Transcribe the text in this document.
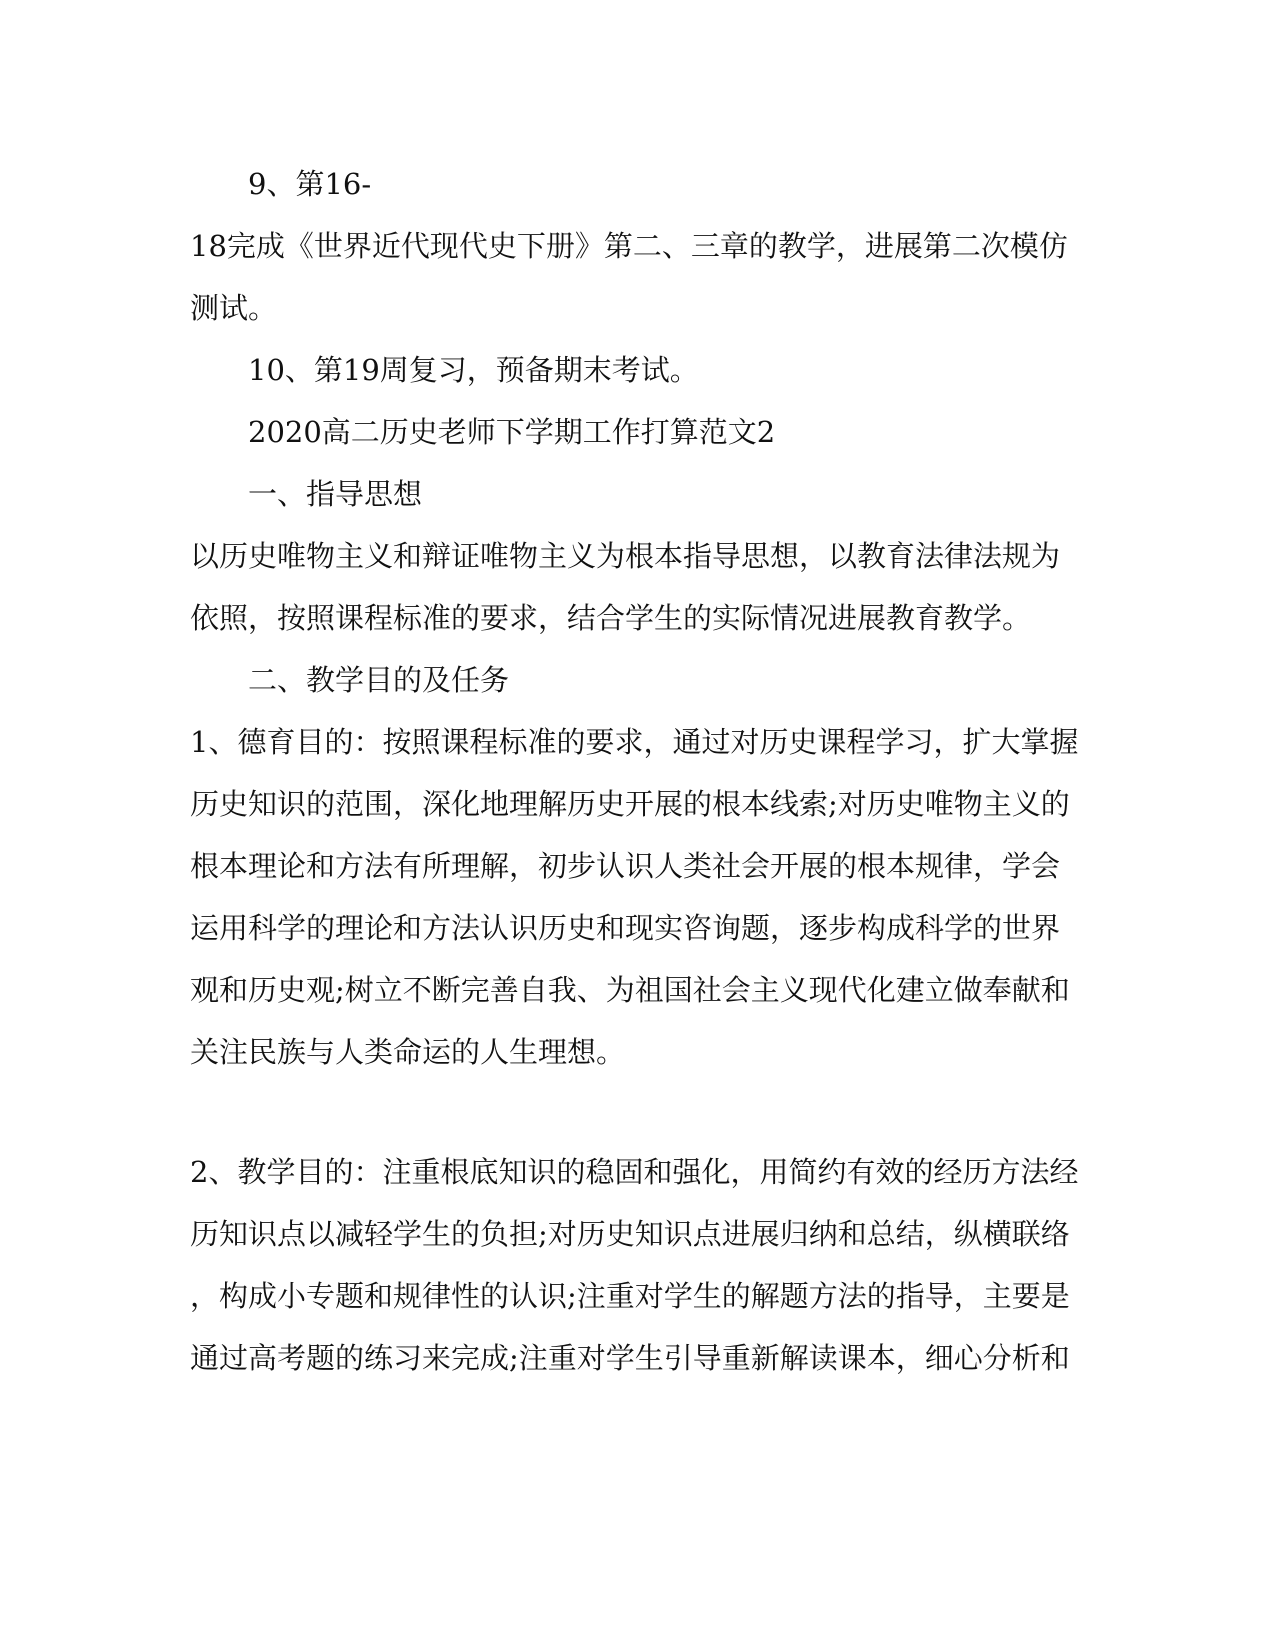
9、第16-
18完成《世界近代现代史下册》第二、三章的教学，进展第二次模仿
测试。
10、第19周复习，预备期末考试。
2020高二历史老师下学期工作打算范文2
一、指导思想
以历史唯物主义和辩证唯物主义为根本指导思想，以教育法律法规为
依照，按照课程标准的要求，结合学生的实际情况进展教育教学。
二、教学目的及任务
1、德育目的：按照课程标准的要求，通过对历史课程学习，扩大掌握
历史知识的范围，深化地理解历史开展的根本线索;对历史唯物主义的
根本理论和方法有所理解，初步认识人类社会开展的根本规律，学会
运用科学的理论和方法认识历史和现实咨询题，逐步构成科学的世界
观和历史观;树立不断完善自我、为祖国社会主义现代化建立做奉献和
关注民族与人类命运的人生理想。
2、教学目的：注重根底知识的稳固和强化，用简约有效的经历方法经
历知识点以减轻学生的负担;对历史知识点进展归纳和总结，纵横联络
，构成小专题和规律性的认识;注重对学生的解题方法的指导，主要是
通过高考题的练习来完成;注重对学生引导重新解读课本，细心分析和
